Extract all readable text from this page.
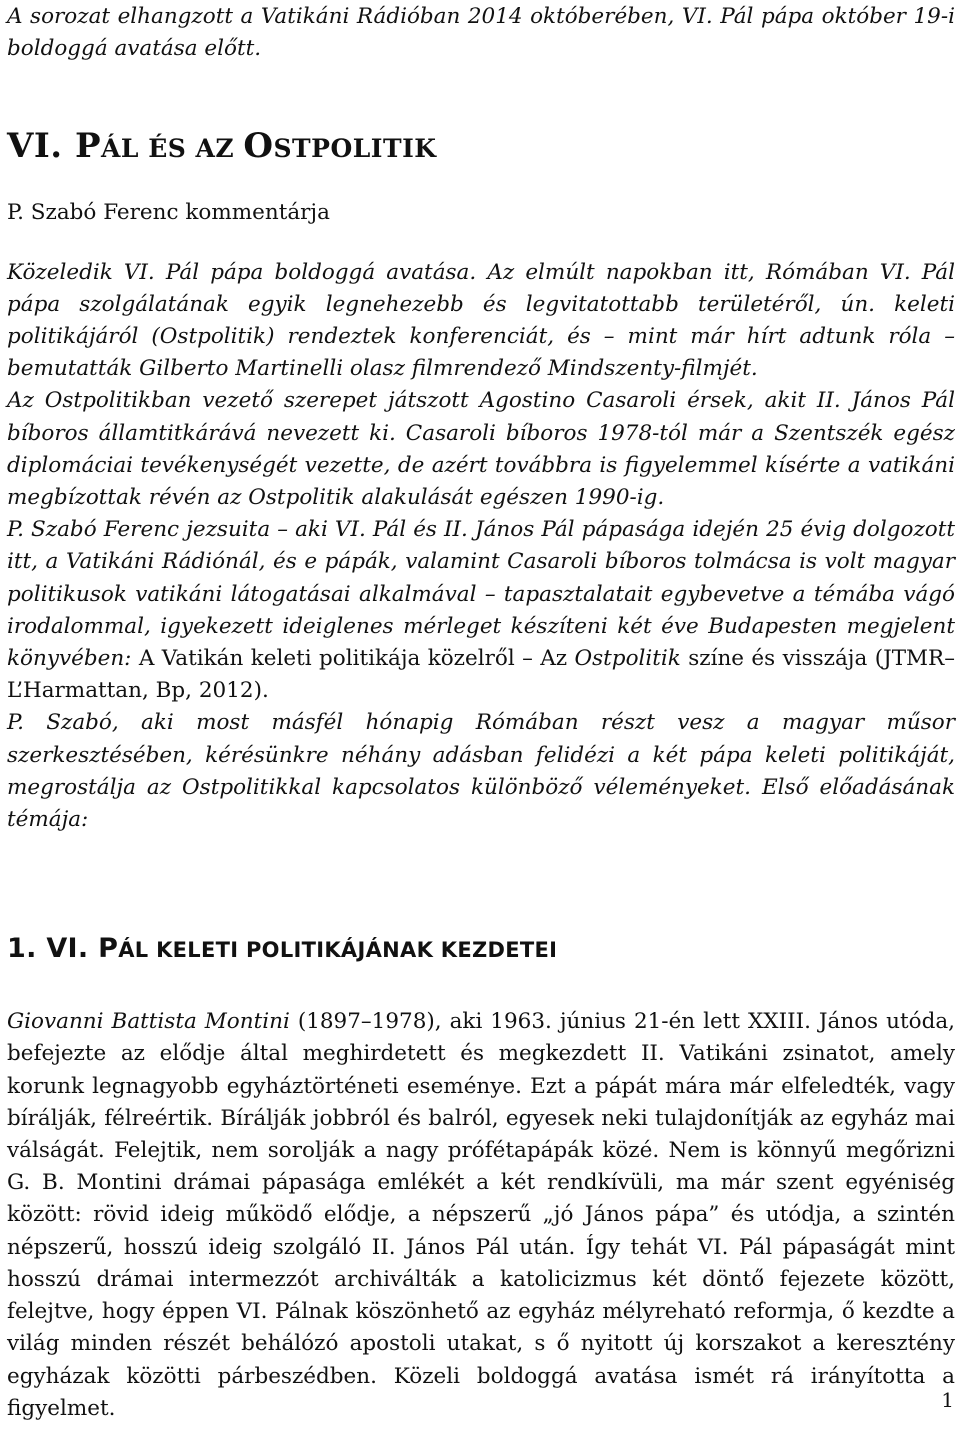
A sorozat elhangzott a Vatikáni Rádióban 2014 októberében, VI. Pál pápa október 19-i boldoggá avatása előtt.

VI. PÁL ÉS AZ OSTPOLITIK

P. Szabó Ferenc kommentárja

Közeledik VI. Pál pápa boldoggá avatása. Az elmúlt napokban itt, Rómában VI. Pál pápa szolgálatának egyik legnehezebb és legvitatottabb területéről, ún. keleti politikájáról (Ostpolitik) rendeztek konferenciát, és – mint már hírt adtunk róla – bemutatták Gilberto Martinelli olasz filmrendező Mindszenty-filmjét.

Az Ostpolitikban vezető szerepet játszott Agostino Casaroli érsek, akit II. János Pál bíboros államtitkárává nevezett ki. Casaroli bíboros 1978-tól már a Szentszék egész diplomáciai tevékenységét vezette, de azért továbbra is figyelemmel kísérte a vatikáni megbízottak révén az Ostpolitik alakulását egészen 1990-ig.

P. Szabó Ferenc jezsuita – aki VI. Pál és II. János Pál pápasága idején 25 évig dolgozott itt, a Vatikáni Rádiónál, és e pápák, valamint Casaroli bíboros tolmácsa is volt magyar politikusok vatikáni látogatásai alkalmával – tapasztalatait egybevetve a témába vágó irodalommal, igyekezett ideiglenes mérleget készíteni két éve Budapesten megjelent könyvében: A Vatikán keleti politikája közelről – Az Ostpolitik színe és visszája (JTMR–L’Harmattan, Bp, 2012).

P. Szabó, aki most másfél hónapig Rómában részt vesz a magyar műsor szerkesztésében, kérésünkre néhány adásban felidézi a két pápa keleti politikáját, megrostálja az Ostpolitikkal kapcsolatos különböző véleményeket. Első előadásának témája:

1. VI. PÁL KELETI POLITIKÁJÁNAK KEZDETEI

Giovanni Battista Montini (1897–1978), aki 1963. június 21-én lett XXIII. János utóda, befejezte az elődje által meghirdetett és megkezdett II. Vatikáni zsinatot, amely korunk legnagyobb egyháztörténeti eseménye. Ezt a pápát mára már elfeledték, vagy bírálják, félreértik. Bírálják jobbról és balról, egyesek neki tulajdonítják az egyház mai válságát. Felejtik, nem sorolják a nagy prófétapápák közé. Nem is könnyű megőrizni G. B. Montini drámai pápasága emlékét a két rendkívüli, ma már szent egyéniség között: rövid ideig működő elődje, a népszerű „jó János pápa” és utódja, a szintén népszerű, hosszú ideig szolgáló II. János Pál után. Így tehát VI. Pál pápaságát mint hosszú drámai intermezzót archiválták a katolicizmus két döntő fejezete között, felejtve, hogy éppen VI. Pálnak köszönhető az egyház mélyreható reformja, ő kezdte a világ minden részét behálózó apostoli utakat, s ő nyitott új korszakot a keresztény egyházak közötti párbeszédben. Közeli boldoggá avatása ismét rá irányította a figyelmet.	1
